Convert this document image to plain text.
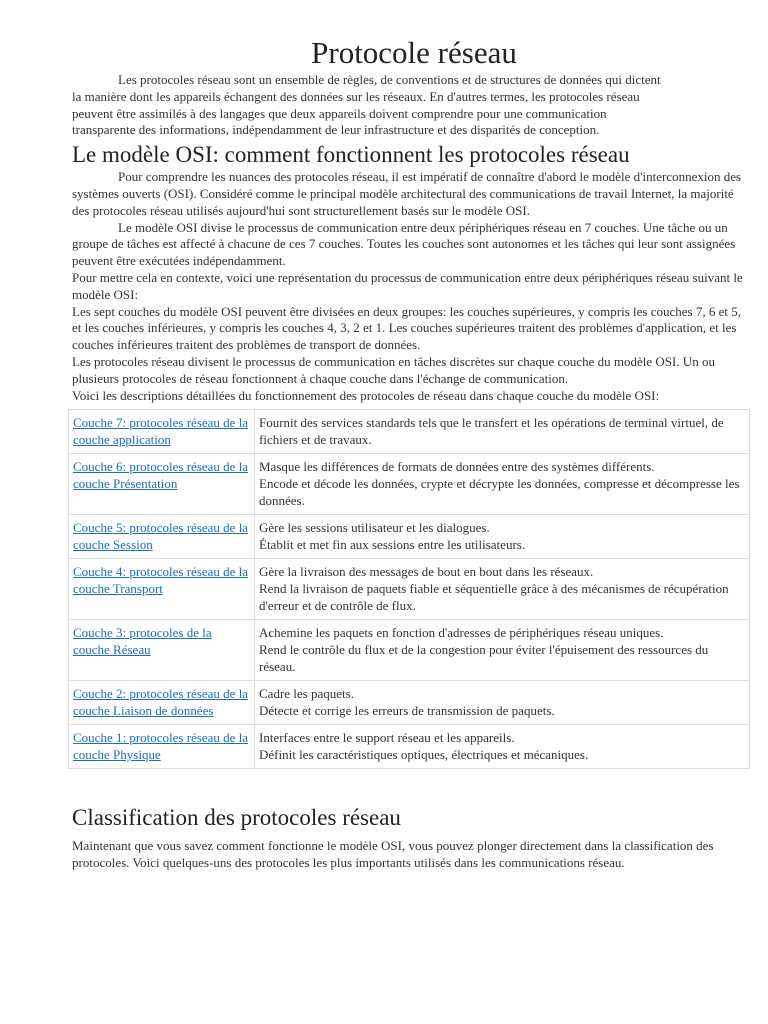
Protocole réseau

Les protocoles réseau sont un ensemble de règles, de conventions et de structures de données qui dictent la manière dont les appareils échangent des données sur les réseaux. En d'autres termes, les protocoles réseau peuvent être assimilés à des langages que deux appareils doivent comprendre pour une communication transparente des informations, indépendamment de leur infrastructure et des disparités de conception.

Le modèle OSI: comment fonctionnent les protocoles réseau

Pour comprendre les nuances des protocoles réseau, il est impératif de connaître d'abord le modèle d'interconnexion des systèmes ouverts (OSI). Considéré comme le principal modèle architectural des communications de travail Internet, la majorité des protocoles réseau utilisés aujourd'hui sont structurellement basés sur le modèle OSI.

Le modèle OSI divise le processus de communication entre deux périphériques réseau en 7 couches. Une tâche ou un groupe de tâches est affecté à chacune de ces 7 couches. Toutes les couches sont autonomes et les tâches qui leur sont assignées peuvent être exécutées indépendamment.

Pour mettre cela en contexte, voici une représentation du processus de communication entre deux périphériques réseau suivant le modèle OSI:

Les sept couches du modèle OSI peuvent être divisées en deux groupes: les couches supérieures, y compris les couches 7, 6 et 5, et les couches inférieures, y compris les couches 4, 3, 2 et 1. Les couches supérieures traitent des problèmes d'application, et les couches inférieures traitent des problèmes de transport de données.

Les protocoles réseau divisent le processus de communication en tâches discrètes sur chaque couche du modèle OSI. Un ou plusieurs protocoles de réseau fonctionnent à chaque couche dans l'échange de communication.

Voici les descriptions détaillées du fonctionnement des protocoles de réseau dans chaque couche du modèle OSI:

Couche 7: protocoles réseau de la couche application	Fournit des services standards tels que le transfert et les opérations de terminal virtuel, de fichiers et de travaux.

Couche 6: protocoles réseau de la couche Présentation	Masque les différences de formats de données entre des systèmes différents.
Encode et décode les données, crypte et décrypte les données, compresse et décompresse les données.

Couche 5: protocoles réseau de la couche Session	Gère les sessions utilisateur et les dialogues.
Établit et met fin aux sessions entre les utilisateurs.

Couche 4: protocoles réseau de la couche Transport	Gère la livraison des messages de bout en bout dans les réseaux.
Rend la livraison de paquets fiable et séquentielle grâce à des mécanismes de récupération d'erreur et de contrôle de flux.

Couche 3: protocoles de la couche Réseau	Achemine les paquets en fonction d'adresses de périphériques réseau uniques.
Rend le contrôle du flux et de la congestion pour éviter l'épuisement des ressources du réseau.

Couche 2: protocoles réseau de la couche Liaison de données	Cadre les paquets.
Détecte et corrige les erreurs de transmission de paquets.

Couche 1: protocoles réseau de la couche Physique	Interfaces entre le support réseau et les appareils.
Définit les caractéristiques optiques, électriques et mécaniques.
Classification des protocoles réseau

Maintenant que vous savez comment fonctionne le modèle OSI, vous pouvez plonger directement dans la classification des protocoles. Voici quelques-uns des protocoles les plus importants utilisés dans les communications réseau.
